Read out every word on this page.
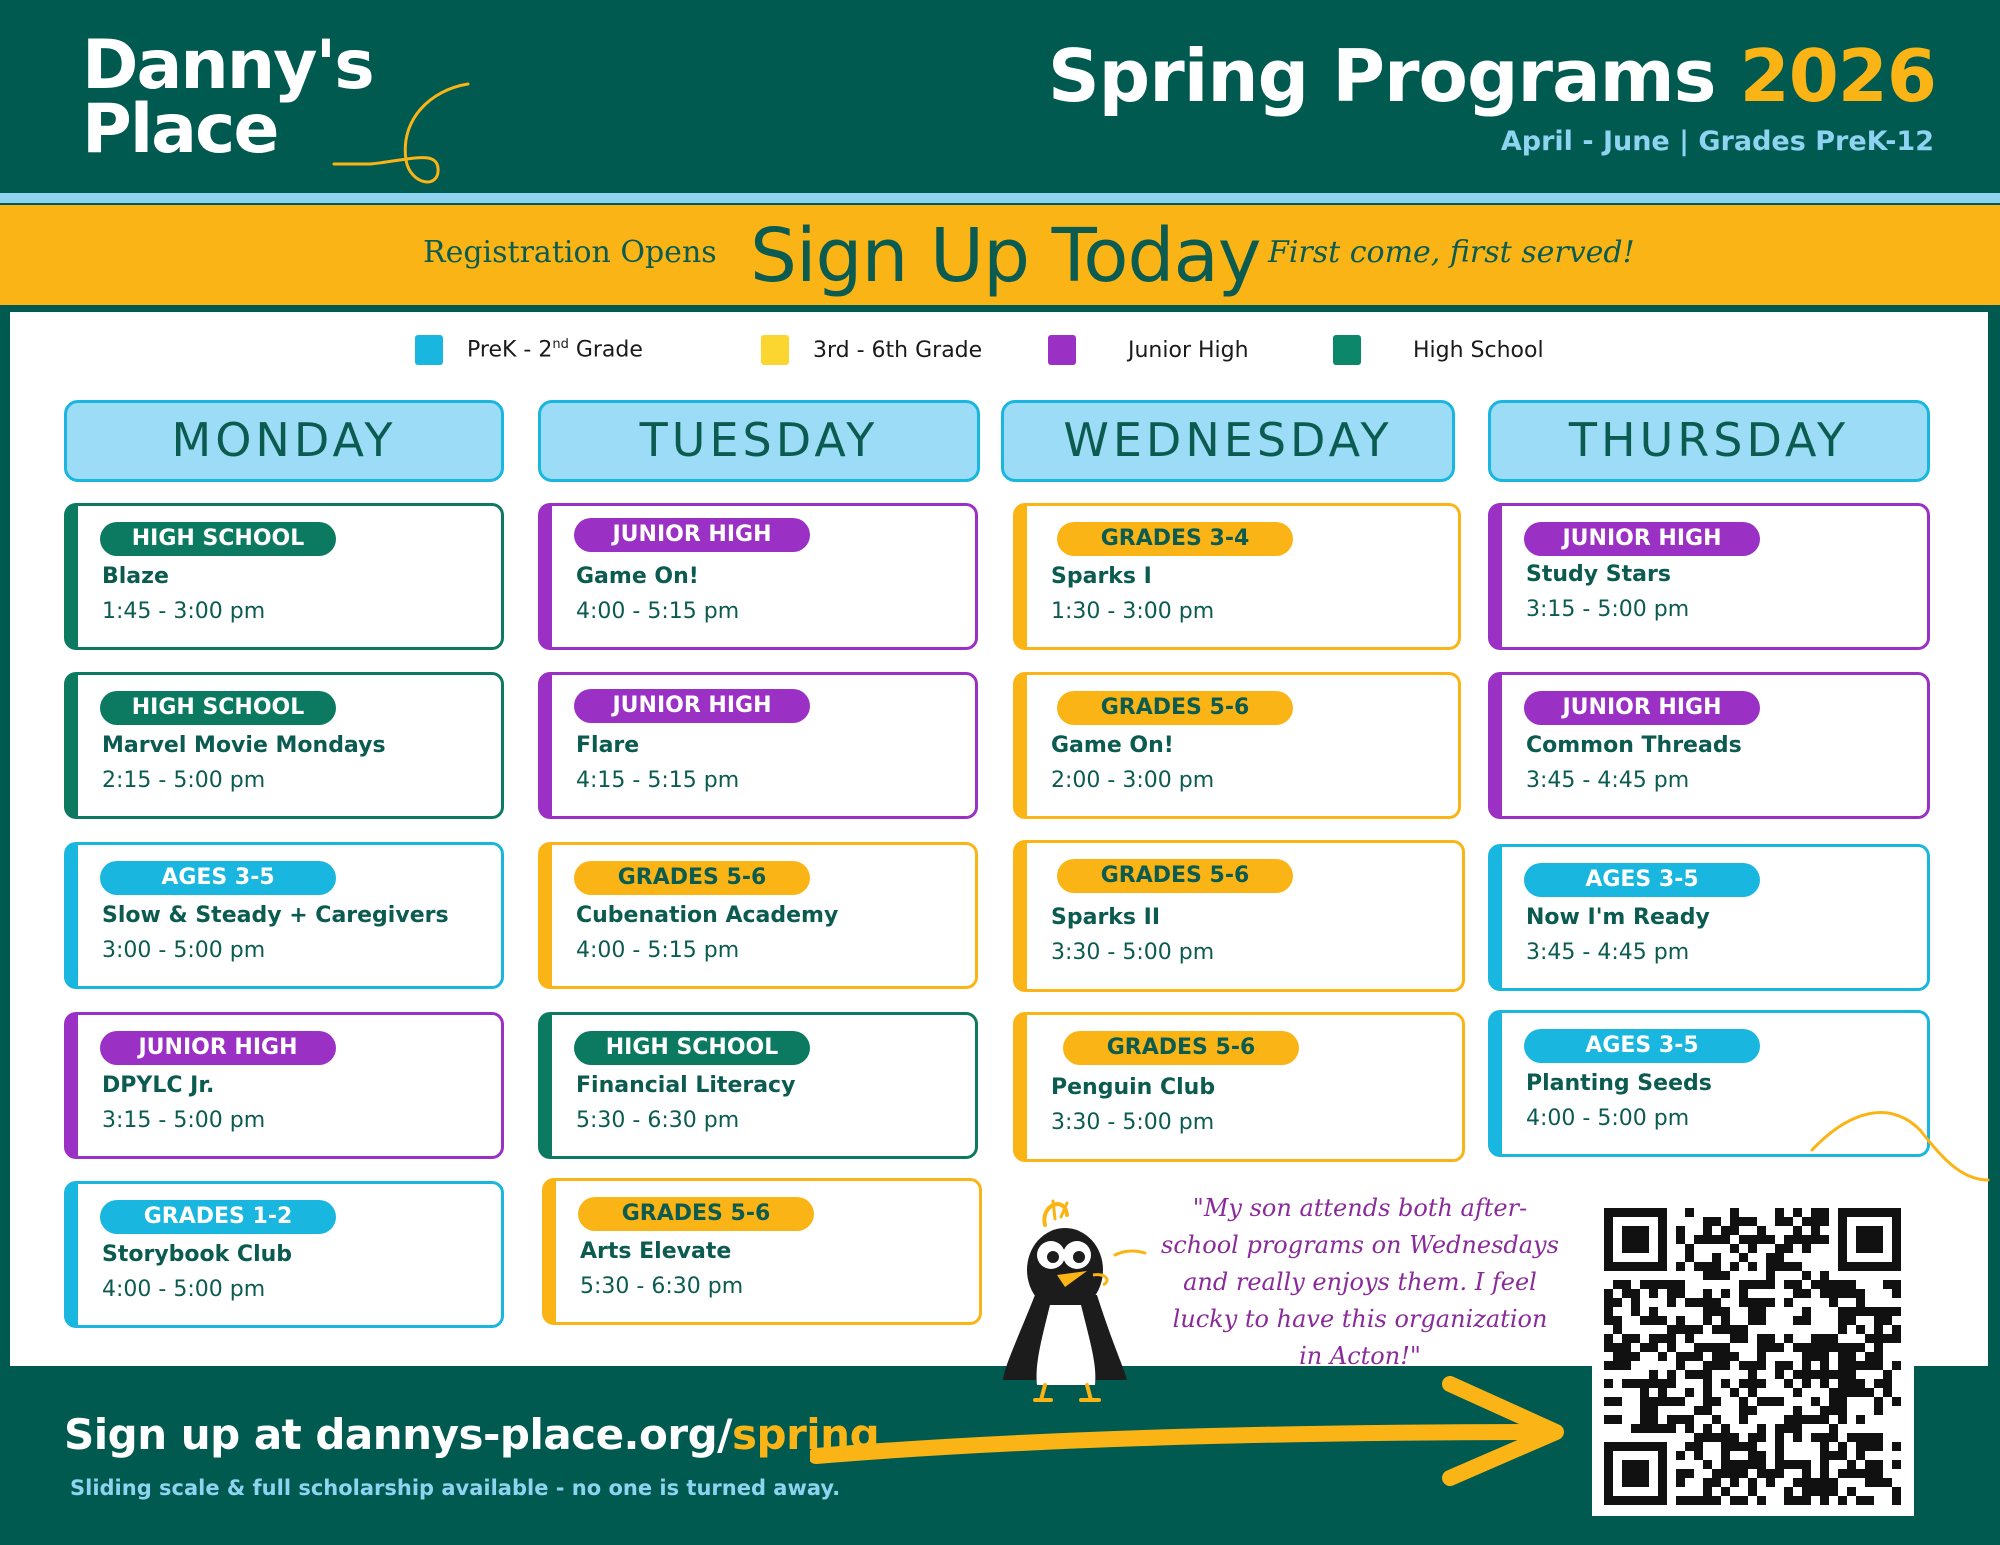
Danny's
Place
Spring Programs 2026
April - June | Grades PreK-12
Registration Opens Sign Up Today First come, first served!
PreK - 2nd Grade	3rd - 6th Grade	Junior High	High School
MONDAY	TUESDAY	WEDNESDAY	THURSDAY
HIGH SCHOOL
Blaze
1:45 - 3:00 pm
HIGH SCHOOL
Marvel Movie Mondays
2:15 - 5:00 pm
AGES 3-5
Slow & Steady + Caregivers
3:00 - 5:00 pm
JUNIOR HIGH
DPYLC Jr.
3:15 - 5:00 pm
GRADES 1-2
Storybook Club
4:00 - 5:00 pm
JUNIOR HIGH
Game On!
4:00 - 5:15 pm
JUNIOR HIGH
Flare
4:15 - 5:15 pm
GRADES 5-6
Cubenation Academy
4:00 - 5:15 pm
HIGH SCHOOL
Financial Literacy
5:30 - 6:30 pm
GRADES 5-6
Arts Elevate
5:30 - 6:30 pm
GRADES 3-4
Sparks I
1:30 - 3:00 pm
GRADES 5-6
Game On!
2:00 - 3:00 pm
GRADES 5-6
Sparks II
3:30 - 5:00 pm
GRADES 5-6
Penguin Club
3:30 - 5:00 pm
JUNIOR HIGH
Study Stars
3:15 - 5:00 pm
JUNIOR HIGH
Common Threads
3:45 - 4:45 pm
AGES 3-5
Now I'm Ready
3:45 - 4:45 pm
AGES 3-5
Planting Seeds
4:00 - 5:00 pm
"My son attends both after-school programs on Wednesdays and really enjoys them. I feel lucky to have this organization in Acton!"
Sign up at dannys-place.org/spring
Sliding scale & full scholarship available - no one is turned away.
